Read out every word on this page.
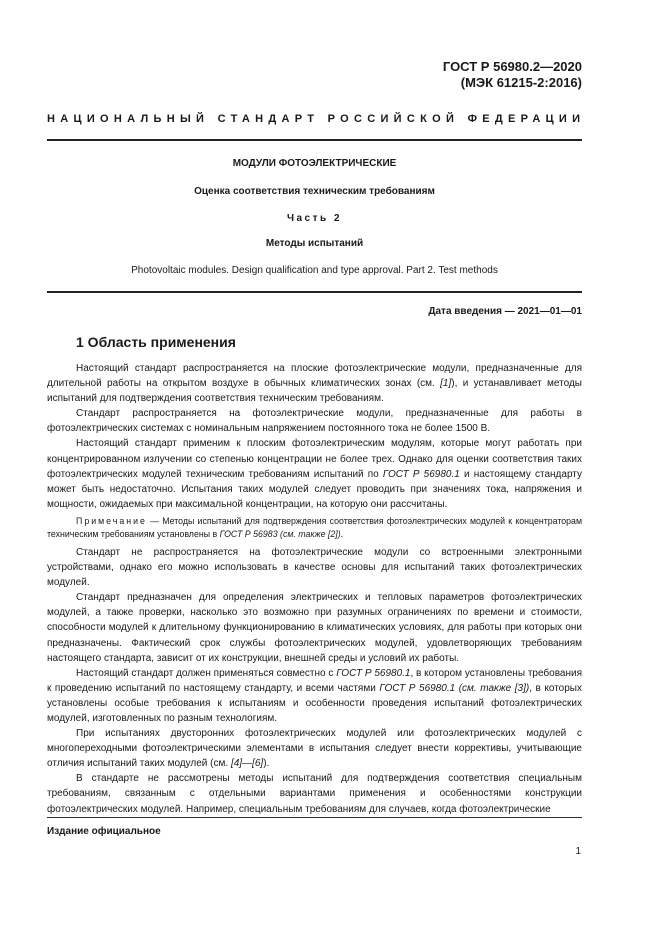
ГОСТ Р 56980.2—2020
(МЭК 61215-2:2016)
НАЦИОНАЛЬНЫЙ СТАНДАРТ РОССИЙСКОЙ ФЕДЕРАЦИИ
МОДУЛИ ФОТОЭЛЕКТРИЧЕСКИЕ
Оценка соответствия техническим требованиям
Часть 2
Методы испытаний
Photovoltaic modules. Design qualification and type approval. Part 2. Test methods
Дата введения — 2021—01—01
1 Область применения

Настоящий стандарт распространяется на плоские фотоэлектрические модули, предназначенные для длительной работы на открытом воздухе в обычных климатических зонах (см. [1]), и устанавливает методы испытаний для подтверждения соответствия техническим требованиям.

Стандарт распространяется на фотоэлектрические модули, предназначенные для работы в фотоэлектрических системах с номинальным напряжением постоянного тока не более 1500 В.

Настоящий стандарт применим к плоским фотоэлектрическим модулям, которые могут работать при концентрированном излучении со степенью концентрации не более трех. Однако для оценки соответствия таких фотоэлектрических модулей техническим требованиям испытаний по ГОСТ Р 56980.1 и настоящему стандарту может быть недостаточно. Испытания таких модулей следует проводить при значениях тока, напряжения и мощности, ожидаемых при максимальной концентрации, на которую они рассчитаны.

Примечание — Методы испытаний для подтверждения соответствия фотоэлектрических модулей к концентраторам техническим требованиям установлены в ГОСТ Р 56983 (см. также [2]).

Стандарт не распространяется на фотоэлектрические модули со встроенными электронными устройствами, однако его можно использовать в качестве основы для испытаний таких фотоэлектрических модулей.

Стандарт предназначен для определения электрических и тепловых параметров фотоэлектрических модулей, а также проверки, насколько это возможно при разумных ограничениях по времени и стоимости, способности модулей к длительному функционированию в климатических условиях, для работы при которых они предназначены. Фактический срок службы фотоэлектрических модулей, удовлетворяющих требованиям настоящего стандарта, зависит от их конструкции, внешней среды и условий их работы.

Настоящий стандарт должен применяться совместно с ГОСТ Р 56980.1, в котором установлены требования к проведению испытаний по настоящему стандарту, и всеми частями ГОСТ Р 56980.1 (см. также [3]), в которых установлены особые требования к испытаниям и особенности проведения испытаний фотоэлектрических модулей, изготовленных по разным технологиям.

При испытаниях двусторонних фотоэлектрических модулей или фотоэлектрических модулей с многопереходными фотоэлектрическими элементами в испытания следует внести коррективы, учитывающие отличия испытаний таких модулей (см. [4]—[6]).

В стандарте не рассмотрены методы испытаний для подтверждения соответствия специальным требованиям, связанным с отдельными вариантами применения и особенностями конструкции фотоэлектрических модулей. Например, специальным требованиям для случаев, когда фотоэлектрические

Издание официальное
1
